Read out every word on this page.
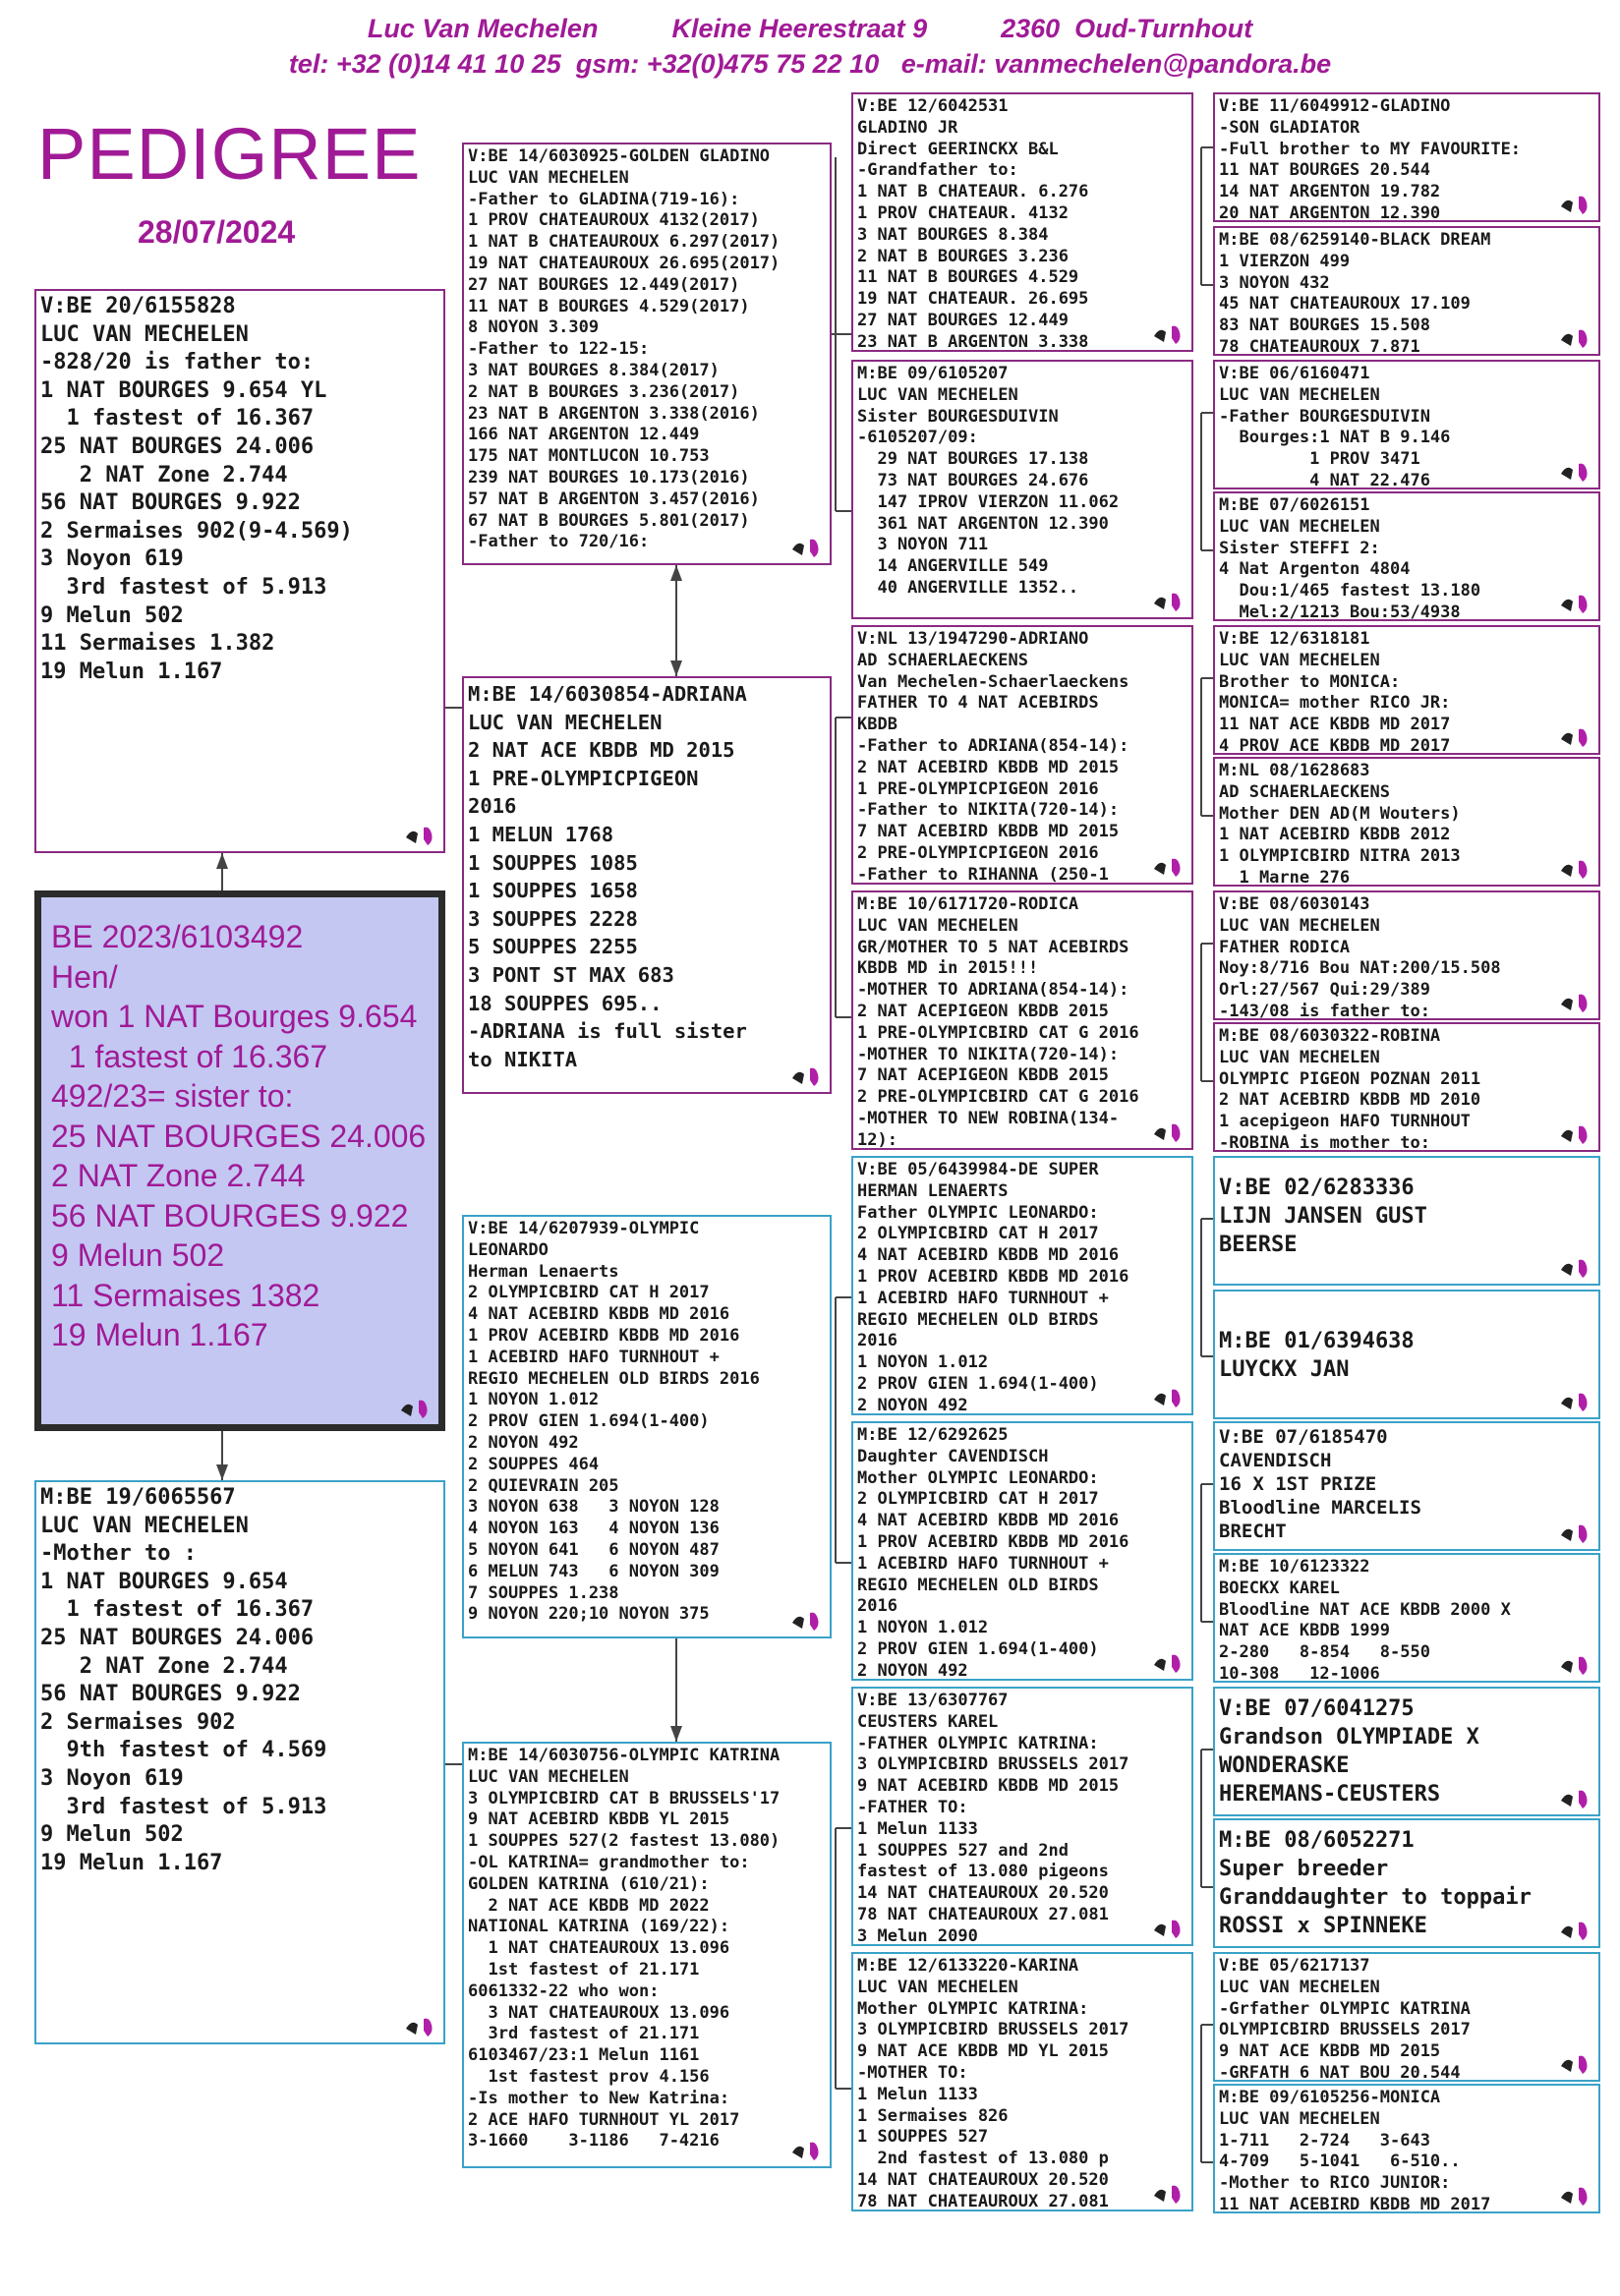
Luc Van Mechelen          Kleine Heerestraat 9          2360  Oud-Turnhout
tel: +32 (0)14 41 10 25  gsm: +32(0)475 75 22 10   e-mail: vanmechelen@pandora.be
PEDIGREE
28/07/2024
BE 2023/6103492
Hen/
won 1 NAT Bourges 9.654
1 fastest of 16.367
492/23= sister to:
25 NAT BOURGES 24.006
2 NAT Zone 2.744
56 NAT BOURGES 9.922
9 Melun 502
11 Sermaises 1382
19 Melun 1.167
V:BE 20/6155828
LUC VAN MECHELEN
-828/20 is father to:
1 NAT BOURGES 9.654 YL
1 fastest of 16.367
25 NAT BOURGES 24.006
2 NAT Zone 2.744
56 NAT BOURGES 9.922
2 Sermaises 902(9-4.569)
3 Noyon 619
3rd fastest of 5.913
9 Melun 502
11 Sermaises 1.382
19 Melun 1.167
M:BE 19/6065567
LUC VAN MECHELEN
-Mother to :
1 NAT BOURGES 9.654
1 fastest of 16.367
25 NAT BOURGES 24.006
2 NAT Zone 2.744
56 NAT BOURGES 9.922
2 Sermaises 902
9th fastest of 4.569
3 Noyon 619
3rd fastest of 5.913
9 Melun 502
19 Melun 1.167
V:BE 14/6030925-GOLDEN GLADINO
LUC VAN MECHELEN
-Father to GLADINA(719-16):
1 PROV CHATEAUROUX 4132(2017)
1 NAT B CHATEAUROUX 6.297(2017)
19 NAT CHATEAUROUX 26.695(2017)
27 NAT BOURGES 12.449(2017)
11 NAT B BOURGES 4.529(2017)
8 NOYON 3.309
-Father to 122-15:
3 NAT BOURGES 8.384(2017)
2 NAT B BOURGES 3.236(2017)
23 NAT B ARGENTON 3.338(2016)
166 NAT ARGENTON 12.449
175 NAT MONTLUCON 10.753
239 NAT BOURGES 10.173(2016)
57 NAT B ARGENTON 3.457(2016)
67 NAT B BOURGES 5.801(2017)
-Father to 720/16:
M:BE 14/6030854-ADRIANA
LUC VAN MECHELEN
2 NAT ACE KBDB MD 2015
1 PRE-OLYMPICPIGEON
2016
1 MELUN 1768
1 SOUPPES 1085
1 SOUPPES 1658
3 SOUPPES 2228
5 SOUPPES 2255
3 PONT ST MAX 683
18 SOUPPES 695..
-ADRIANA is full sister
to NIKITA
V:BE 14/6207939-OLYMPIC
LEONARDO
Herman Lenaerts
2 OLYMPICBIRD CAT H 2017
4 NAT ACEBIRD KBDB MD 2016
1 PROV ACEBIRD KBDB MD 2016
1 ACEBIRD HAFO TURNHOUT +
REGIO MECHELEN OLD BIRDS 2016
1 NOYON 1.012
2 PROV GIEN 1.694(1-400)
2 NOYON 492
2 SOUPPES 464
2 QUIEVRAIN 205
3 NOYON 638   3 NOYON 128
4 NOYON 163   4 NOYON 136
5 NOYON 641   6 NOYON 487
6 MELUN 743   6 NOYON 309
7 SOUPPES 1.238
9 NOYON 220;10 NOYON 375
M:BE 14/6030756-OLYMPIC KATRINA
LUC VAN MECHELEN
3 OLYMPICBIRD CAT B BRUSSELS'17
9 NAT ACEBIRD KBDB YL 2015
1 SOUPPES 527(2 fastest 13.080)
-OL KATRINA= grandmother to:
GOLDEN KATRINA (610/21):
2 NAT ACE KBDB MD 2022
NATIONAL KATRINA (169/22):
1 NAT CHATEAUROUX 13.096
1st fastest of 21.171
6061332-22 who won:
3 NAT CHATEAUROUX 13.096
3rd fastest of 21.171
6103467/23:1 Melun 1161
1st fastest prov 4.156
-Is mother to New Katrina:
2 ACE HAFO TURNHOUT YL 2017
3-1660    3-1186   7-4216
V:BE 12/6042531
GLADINO JR
Direct GEERINCKX B&L
-Grandfather to:
1 NAT B CHATEAUR. 6.276
1 PROV CHATEAUR. 4132
3 NAT BOURGES 8.384
2 NAT B BOURGES 3.236
11 NAT B BOURGES 4.529
19 NAT CHATEAUR. 26.695
27 NAT BOURGES 12.449
23 NAT B ARGENTON 3.338
M:BE 09/6105207
LUC VAN MECHELEN
Sister BOURGESDUIVIN
-6105207/09:
29 NAT BOURGES 17.138
73 NAT BOURGES 24.676
147 IPROV VIERZON 11.062
361 NAT ARGENTON 12.390
3 NOYON 711
14 ANGERVILLE 549
40 ANGERVILLE 1352..
V:NL 13/1947290-ADRIANO
AD SCHAERLAECKENS
Van Mechelen-Schaerlaeckens
FATHER TO 4 NAT ACEBIRDS
KBDB
-Father to ADRIANA(854-14):
2 NAT ACEBIRD KBDB MD 2015
1 PRE-OLYMPICPIGEON 2016
-Father to NIKITA(720-14):
7 NAT ACEBIRD KBDB MD 2015
2 PRE-OLYMPICPIGEON 2016
-Father to RIHANNA (250-1
M:BE 10/6171720-RODICA
LUC VAN MECHELEN
GR/MOTHER TO 5 NAT ACEBIRDS
KBDB MD in 2015!!!
-MOTHER TO ADRIANA(854-14):
2 NAT ACEPIGEON KBDB 2015
1 PRE-OLYMPICBIRD CAT G 2016
-MOTHER TO NIKITA(720-14):
7 NAT ACEPIGEON KBDB 2015
2 PRE-OLYMPICBIRD CAT G 2016
-MOTHER TO NEW ROBINA(134-
12):
V:BE 05/6439984-DE SUPER
HERMAN LENAERTS
Father OLYMPIC LEONARDO:
2 OLYMPICBIRD CAT H 2017
4 NAT ACEBIRD KBDB MD 2016
1 PROV ACEBIRD KBDB MD 2016
1 ACEBIRD HAFO TURNHOUT +
REGIO MECHELEN OLD BIRDS
2016
1 NOYON 1.012
2 PROV GIEN 1.694(1-400)
2 NOYON 492
M:BE 12/6292625
Daughter CAVENDISCH
Mother OLYMPIC LEONARDO:
2 OLYMPICBIRD CAT H 2017
4 NAT ACEBIRD KBDB MD 2016
1 PROV ACEBIRD KBDB MD 2016
1 ACEBIRD HAFO TURNHOUT +
REGIO MECHELEN OLD BIRDS
2016
1 NOYON 1.012
2 PROV GIEN 1.694(1-400)
2 NOYON 492
V:BE 13/6307767
CEUSTERS KAREL
-FATHER OLYMPIC KATRINA:
3 OLYMPICBIRD BRUSSELS 2017
9 NAT ACEBIRD KBDB MD 2015
-FATHER TO:
1 Melun 1133
1 SOUPPES 527 and 2nd
fastest of 13.080 pigeons
14 NAT CHATEAUROUX 20.520
78 NAT CHATEAUROUX 27.081
3 Melun 2090
M:BE 12/6133220-KARINA
LUC VAN MECHELEN
Mother OLYMPIC KATRINA:
3 OLYMPICBIRD BRUSSELS 2017
9 NAT ACE KBDB MD YL 2015
-MOTHER TO:
1 Melun 1133
1 Sermaises 826
1 SOUPPES 527
2nd fastest of 13.080 p
14 NAT CHATEAUROUX 20.520
78 NAT CHATEAUROUX 27.081
V:BE 11/6049912-GLADINO
-SON GLADIATOR
-Full brother to MY FAVOURITE:
11 NAT BOURGES 20.544
14 NAT ARGENTON 19.782
20 NAT ARGENTON 12.390
M:BE 08/6259140-BLACK DREAM
1 VIERZON 499
3 NOYON 432
45 NAT CHATEAUROUX 17.109
83 NAT BOURGES 15.508
78 CHATEAUROUX 7.871
V:BE 06/6160471
LUC VAN MECHELEN
-Father BOURGESDUIVIN
Bourges:1 NAT B 9.146
1 PROV 3471
4 NAT 22.476
M:BE 07/6026151
LUC VAN MECHELEN
Sister STEFFI 2:
4 Nat Argenton 4804
Dou:1/465 fastest 13.180
Mel:2/1213 Bou:53/4938
V:BE 12/6318181
LUC VAN MECHELEN
Brother to MONICA:
MONICA= mother RICO JR:
11 NAT ACE KBDB MD 2017
4 PROV ACE KBDB MD 2017
M:NL 08/1628683
AD SCHAERLAECKENS
Mother DEN AD(M Wouters)
1 NAT ACEBIRD KBDB 2012
1 OLYMPICBIRD NITRA 2013
1 Marne 276
V:BE 08/6030143
LUC VAN MECHELEN
FATHER RODICA
Noy:8/716 Bou NAT:200/15.508
Orl:27/567 Qui:29/389
-143/08 is father to:
M:BE 08/6030322-ROBINA
LUC VAN MECHELEN
OLYMPIC PIGEON POZNAN 2011
2 NAT ACEBIRD KBDB MD 2010
1 acepigeon HAFO TURNHOUT
-ROBINA is mother to:
V:BE 02/6283336
LIJN JANSEN GUST
BEERSE
M:BE 01/6394638
LUYCKX JAN
V:BE 07/6185470
CAVENDISCH
16 X 1ST PRIZE
Bloodline MARCELIS
BRECHT
M:BE 10/6123322
BOECKX KAREL
Bloodline NAT ACE KBDB 2000 X
NAT ACE KBDB 1999
2-280   8-854   8-550
10-308   12-1006
V:BE 07/6041275
Grandson OLYMPIADE X
WONDERASKE
HEREMANS-CEUSTERS
M:BE 08/6052271
Super breeder
Granddaughter to toppair
ROSSI x SPINNEKE
V:BE 05/6217137
LUC VAN MECHELEN
-Grfather OLYMPIC KATRINA
OLYMPICBIRD BRUSSELS 2017
9 NAT ACE KBDB MD 2015
-GRFATH 6 NAT BOU 20.544
M:BE 09/6105256-MONICA
LUC VAN MECHELEN
1-711   2-724   3-643
4-709   5-1041   6-510..
-Mother to RICO JUNIOR:
11 NAT ACEBIRD KBDB MD 2017
